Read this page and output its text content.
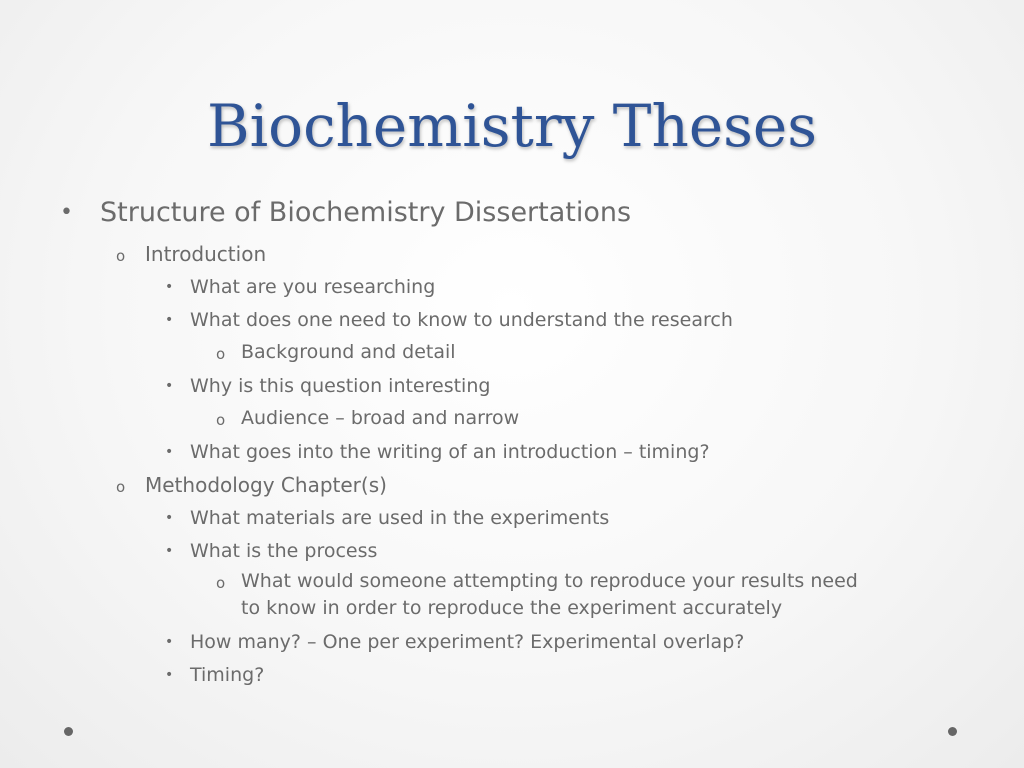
Biochemistry Theses
• Structure of Biochemistry Dissertations
o Introduction
• What are you researching
• What does one need to know to understand the research
o Background and detail
• Why is this question interesting
o Audience – broad and narrow
• What goes into the writing of an introduction – timing?
o Methodology Chapter(s)
• What materials are used in the experiments
• What is the process
o What would someone attempting to reproduce your results need
to know in order to reproduce the experiment accurately
• How many? – One per experiment? Experimental overlap?
• Timing?
